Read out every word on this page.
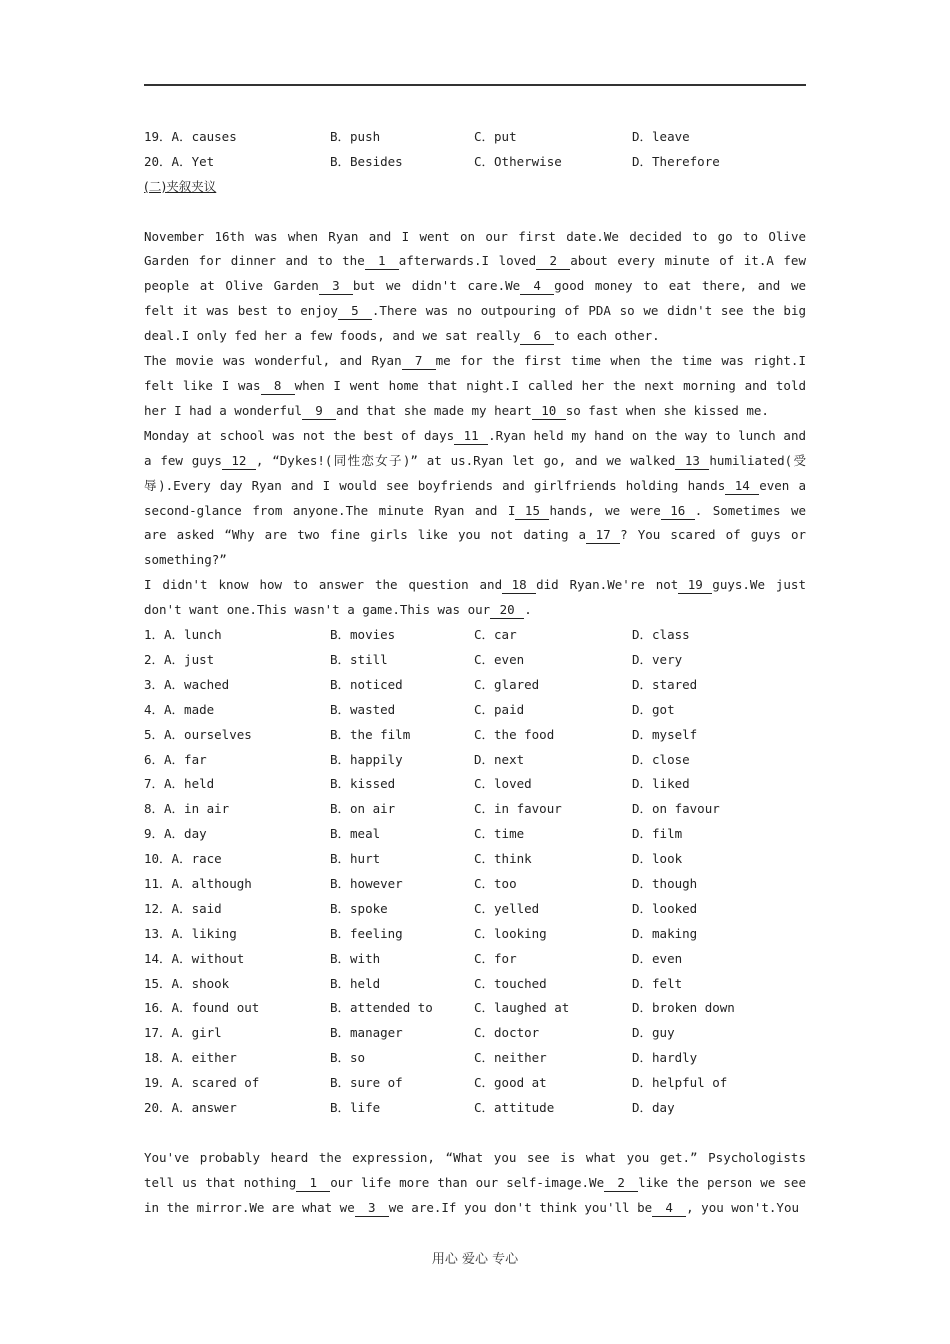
19．A．causes	B．push	C．put	D．leave
20．A．Yet	B．Besides	C．Otherwise	D．Therefore
(二)夹叙夹议
November 16th was when Ryan and I went on our first date.We decided to go to Olive Garden for dinner and to the 1 afterwards.I loved 2 about every minute of it.A few people at Olive Garden 3 but we didn't care.We 4 good money to eat there, and we felt it was best to enjoy 5 .There was no outpouring of PDA so we didn't see the big deal.I only fed her a few foods, and we sat really 6 to each other.
The movie was wonderful, and Ryan 7 me for the first time when the time was right.I felt like I was 8 when I went home that night.I called her the next morning and told her I had a wonderful 9 and that she made my heart 10 so fast when she kissed me.
Monday at school was not the best of days 11 .Ryan held my hand on the way to lunch and a few guys 12 , “Dykes!(同性恋女子)” at us.Ryan let go, and we walked 13 humiliated(受辱).Every day Ryan and I would see boyfriends and girlfriends holding hands 14 even a second-glance from anyone.The minute Ryan and I 15 hands, we were 16 . Sometimes we are asked “Why are two fine girls like you not dating a 17 ? You scared of guys or something?”
I didn't know how to answer the question and 18 did Ryan.We're not 19 guys.We just don't want one.This wasn't a game.This was our 20 .
1．A．lunch	B．movies	C．car	D．class
2．A．just	B．still	C．even	D．very
3．A．wached	B．noticed	C．glared	D．stared
4．A．made	B．wasted	C．paid	D．got
5．A．ourselves	B．the film	C．the food	D．myself
6．A．far	B．happily	D．next	D．close
7．A．held	B．kissed	C．loved	D．liked
8．A．in air	B．on air	C．in favour	D．on favour
9．A．day	B．meal	C．time	D．film
10．A．race	B．hurt	C．think	D．look
11．A．although	B．however	C．too	D．though
12．A．said	B．spoke	C．yelled	D．looked
13．A．liking	B．feeling	C．looking	D．making
14．A．without	B．with	C．for	D．even
15．A．shook	B．held	C．touched	D．felt
16．A．found out	B．attended to	C．laughed at	D．broken down
17．A．girl	B．manager	C．doctor	D．guy
18．A．either	B．so	C．neither	D．hardly
19．A．scared of	B．sure of	C．good at	D．helpful of
20．A．answer	B．life	C．attitude	D．day
You've probably heard the expression, “What you see is what you get.” Psychologists tell us that nothing 1 our life more than our self-image.We 2 like the person we see in the mirror.We are what we 3 we are.If you don't think you'll be 4 , you won't.You
用心 爱心 专心
